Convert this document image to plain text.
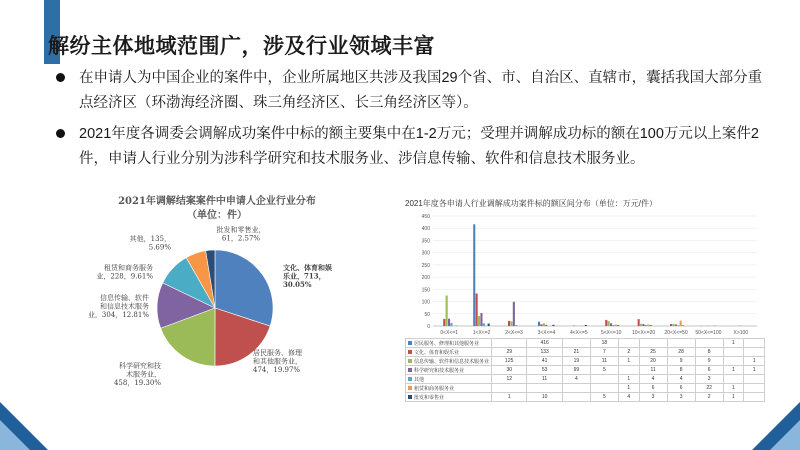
解纷主体地域范围广，涉及行业领域丰富
在申请人为中国企业的案件中，企业所属地区共涉及我国29个省、市、自治区、直辖市，囊括我国大部分重点经济区（环渤海经济圈、珠三角经济区、长三角经济区等）。
2021年度各调委会调解成功案件中标的额主要集中在1-2万元；受理并调解成功标的额在100万元以上案件2件，申请人行业分别为涉科学研究和技术服务业、涉信息传输、软件和信息技术服务业。
2021年调解结案案件中申请人企业行业分布
（单位：件）
文化、体育和娱乐业，713， 30.05%
居民服务、修理和其他服务业， 474，19.97%
科学研究和技术服务业， 458，19.30%
信息传输、软件和信息技术服务业，304，12.81%
租赁和商务服务业，228，9.61%
其他，135， 5.69%
批发和零售业， 61，2.57%
2021年度各申请人行业调解成功案件标的额区间分布（单位：万元/件）
0
50
100
150
200
250
300
350
400
450
0<X<=1	1<X<=2	2<X<=3	3<X<=4	4<X<=5	5<X<=10 10<X<=20 20<X<=50 50<X<=100 X>100
居民服务、修理和其他服务业		416		18					1	
文化、体育和娱乐业	29	133	21	7	2	25	28	8		
信息传输、软件和信息技术服务业	125	41	19	11	1	20	9	9		1
科学研究和技术服务业	30	53	99	5		11	8	6	1	1
其他	12	11	4		1	4	4	3		
租赁和商务服务业					1	6	6	22	1	
批发和零售业	1	10		5	4	3	3	2	1	
